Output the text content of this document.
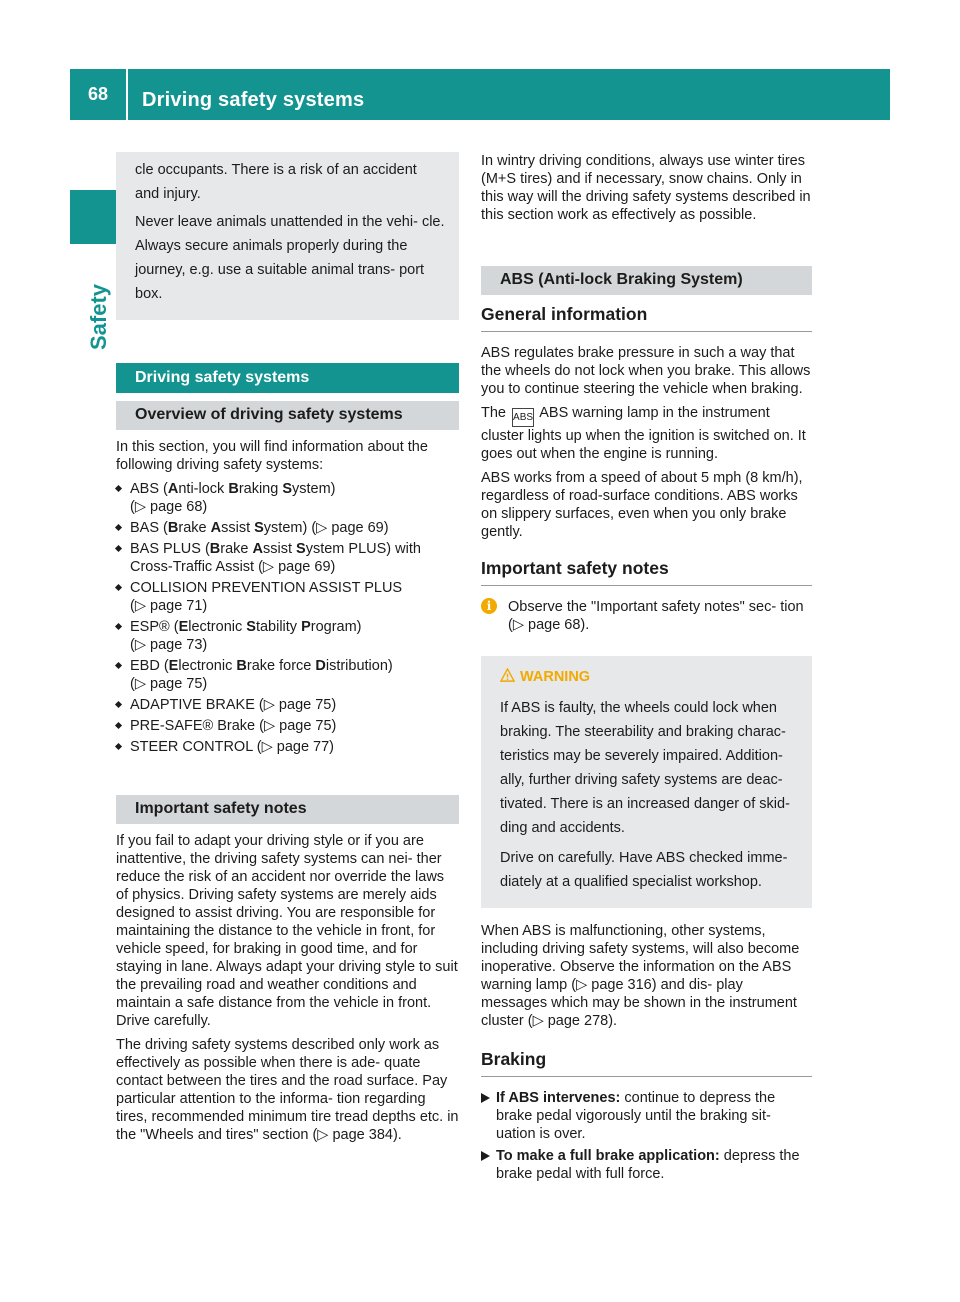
68	Driving safety systems
Safety

cle occupants. There is a risk of an accident and injury.

Never leave animals unattended in the vehi- cle. Always secure animals properly during the journey, e.g. use a suitable animal trans- port box.

Driving safety systems
Overview of driving safety systems

In this section, you will find information about the following driving safety systems:

ABS (Anti-lock Braking System)
(▷ page 68)
BAS (Brake Assist System) (▷ page 69)
BAS PLUS (Brake Assist System PLUS) with
Cross-Traffic Assist (▷ page 69)
COLLISION PREVENTION ASSIST PLUS
(▷ page 71)
ESP® (Electronic Stability Program)
(▷ page 73)
EBD (Electronic Brake force Distribution)
(▷ page 75)
ADAPTIVE BRAKE (▷ page 75)
PRE-SAFE® Brake (▷ page 75)
STEER CONTROL (▷ page 77)
Important safety notes

If you fail to adapt your driving style or if you are inattentive, the driving safety systems can nei- ther reduce the risk of an accident nor override the laws of physics. Driving safety systems are merely aids designed to assist driving. You are responsible for maintaining the distance to the vehicle in front, for vehicle speed, for braking in good time, and for staying in lane. Always adapt your driving style to suit the prevailing road and weather conditions and maintain a safe distance from the vehicle in front. Drive carefully.

The driving safety systems described only work as effectively as possible when there is ade- quate contact between the tires and the road surface. Pay particular attention to the informa- tion regarding tires, recommended minimum tire tread depths etc. in the "Wheels and tires" section (▷ page 384).

In wintry driving conditions, always use winter tires (M+S tires) and if necessary, snow chains. Only in this way will the driving safety systems described in this section work as effectively as possible.

ABS (Anti-lock Braking System)
General information

ABS regulates brake pressure in such a way that the wheels do not lock when you brake. This allows you to continue steering the vehicle when braking.

The ABS ABS warning lamp in the instrument cluster lights up when the ignition is switched on. It goes out when the engine is running.

ABS works from a speed of about 5 mph (8 km/h), regardless of road-surface conditions. ABS works on slippery surfaces, even when you only brake gently.

Important safety notes
i	Observe the "Important safety notes" sec- tion (▷ page 68).
WARNING

If ABS is faulty, the wheels could lock when braking. The steerability and braking charac- teristics may be severely impaired. Addition- ally, further driving safety systems are deac- tivated. There is an increased danger of skid- ding and accidents.

Drive on carefully. Have ABS checked imme- diately at a qualified specialist workshop.

When ABS is malfunctioning, other systems, including driving safety systems, will also become inoperative. Observe the information on the ABS warning lamp (▷ page 316) and dis- play messages which may be shown in the instrument cluster (▷ page 278).

Braking
If ABS intervenes: continue to depress the brake pedal vigorously until the braking sit- uation is over.
To make a full brake application: depress the brake pedal with full force.
